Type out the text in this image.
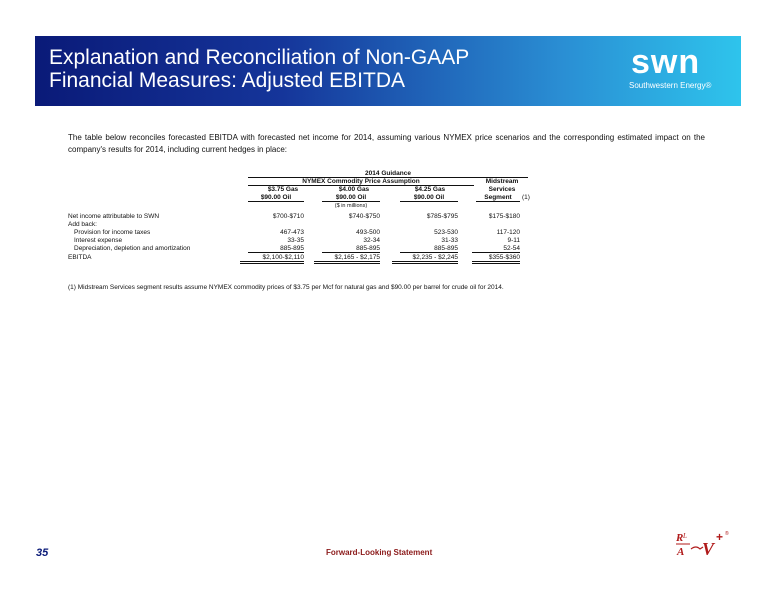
Explanation and Reconciliation of Non-GAAP
Financial Measures: Adjusted EBITDA	swn
Southwestern Energy®

The table below reconciles forecasted EBITDA with forecasted net income for 2014, assuming various NYMEX price scenarios and the corresponding estimated impact on the company's results for 2014, including current hedges in place:

2014 Guidance
NYMEX Commodity Price Assumption	Midstream
$3.75 Gas	$4.00 Gas	$4.25 Gas	Services
$90.00 Oil	$90.00 Oil	$90.00 Oil	Segment	(1)
($ in millions)
Net income attributable to SWN	$700-$710	$740-$750	$785-$795	$175-$180
Add back:
Provision for income taxes	467-473	493-500	523-530	117-120
Interest expense	33-35	32-34	31-33	9-11
Depreciation, depletion and amortization	885-895	885-895	885-895	52-54
EBITDA	$2,100-$2,110	$2,165 - $2,175	$2,235 - $2,245	$355-$360
(1) Midstream Services segment results assume NYMEX commodity prices of $3.75 per Mcf for natural gas and $90.00 per barrel for crude oil for 2014.
35	Forward-Looking Statement
R L
A V
+ ®
